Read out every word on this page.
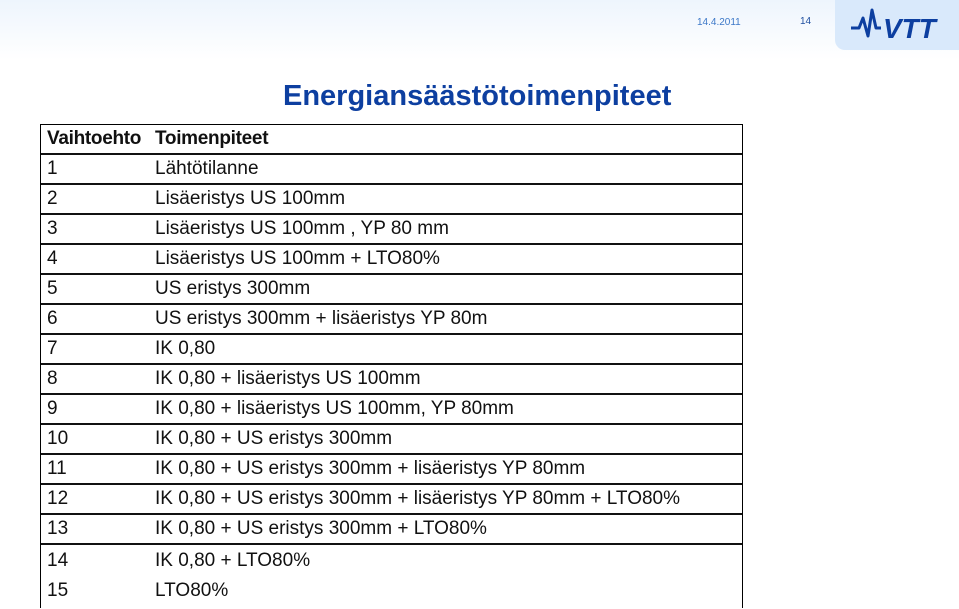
14.4.2011	14	VTT
Energiansäästötoimenpiteet
Vaihtoehto Toimenpiteet
1	Lähtötilanne
2	Lisäeristys US 100mm
3	Lisäeristys US 100mm , YP 80 mm
4	Lisäeristys US 100mm + LTO80%
5	US eristys 300mm
6	US eristys 300mm + lisäeristys YP 80m
7	IK 0,80
8	IK 0,80 + lisäeristys US 100mm
9	IK 0,80 + lisäeristys US 100mm, YP 80mm
10	IK 0,80 + US eristys 300mm
11	IK 0,80 + US eristys 300mm + lisäeristys YP 80mm
12	IK 0,80 + US eristys 300mm + lisäeristys YP 80mm + LTO80%
13	IK 0,80 + US eristys 300mm + LTO80%
14	IK 0,80 + LTO80%
15	LTO80%
